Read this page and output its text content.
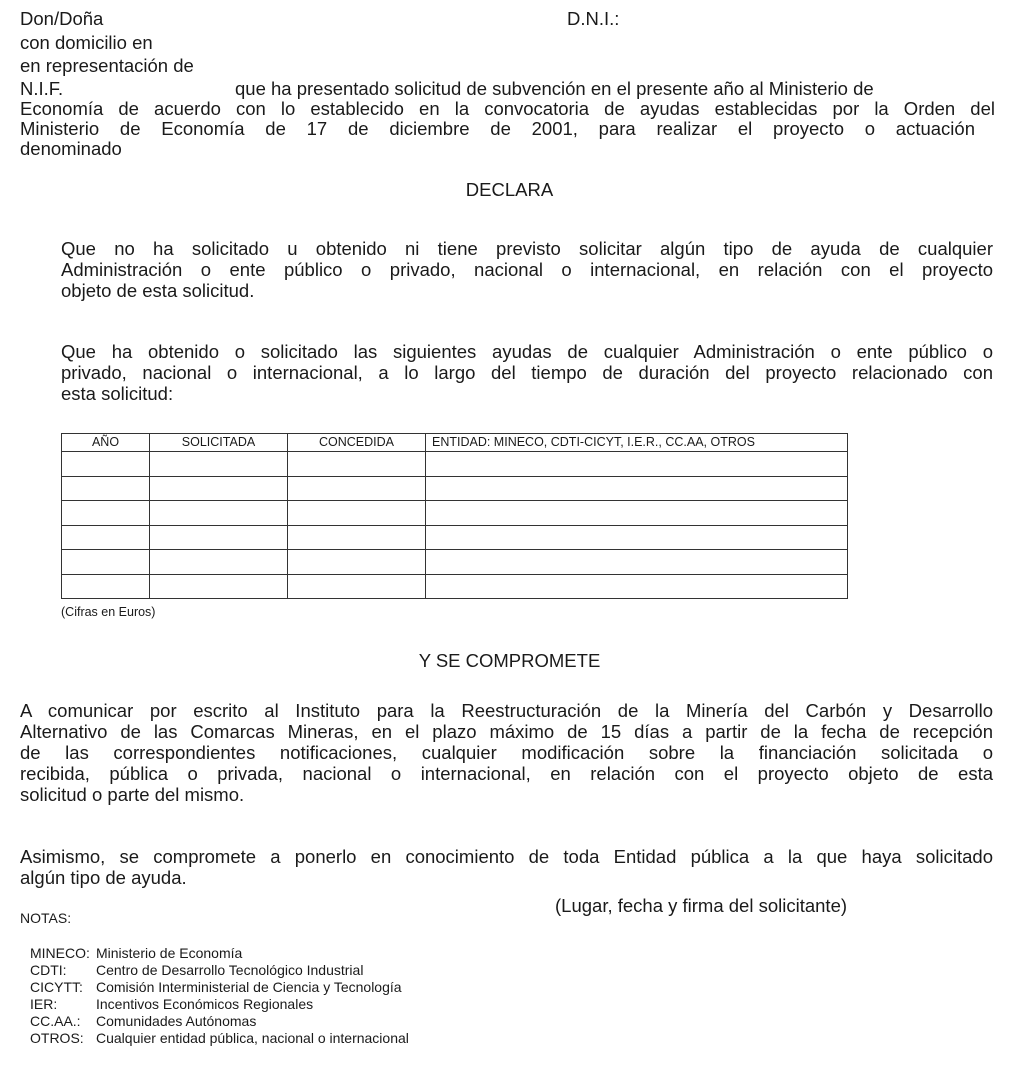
Don/Doña	D.N.I.:
con domicilio en
en representación de
N.I.F.	que ha presentado solicitud de subvención en el presente año al Ministerio de
Economía de acuerdo con lo establecido en la convocatoria de ayudas establecidas por la Orden del
Ministerio de Economía de 17 de diciembre de 2001, para realizar el proyecto o actuación
denominado
DECLARA
Que no ha solicitado u obtenido ni tiene previsto solicitar algún tipo de ayuda de cualquier
Administración o ente público o privado, nacional o internacional, en relación con el proyecto
objeto de esta solicitud.
Que ha obtenido o solicitado las siguientes ayudas de cualquier Administración o ente público o
privado, nacional o internacional, a lo largo del tiempo de duración del proyecto relacionado con
esta solicitud:
AÑO	SOLICITADA	CONCEDIDA	ENTIDAD: MINECO, CDTI-CICYT, I.E.R., CC.AA, OTROS

(Cifras en Euros)
Y SE COMPROMETE
A comunicar por escrito al Instituto para la Reestructuración de la Minería del Carbón y Desarrollo
Alternativo de las Comarcas Mineras, en el plazo máximo de 15 días a partir de la fecha de recepción
de las correspondientes notificaciones, cualquier modificación sobre la financiación solicitada o
recibida, pública o privada, nacional o internacional, en relación con el proyecto objeto de esta
solicitud o parte del mismo.
Asimismo, se compromete a ponerlo en conocimiento de toda Entidad pública a la que haya solicitado
algún tipo de ayuda.
(Lugar, fecha y firma del solicitante)
NOTAS:
MINECO: Ministerio de Economía
CDTI: Centro de Desarrollo Tecnológico Industrial
CICYTT: Comisión Interministerial de Ciencia y Tecnología
IER:	Incentivos Económicos Regionales
CC.AA.: Comunidades Autónomas
OTROS: Cualquier entidad pública, nacional o internacional
